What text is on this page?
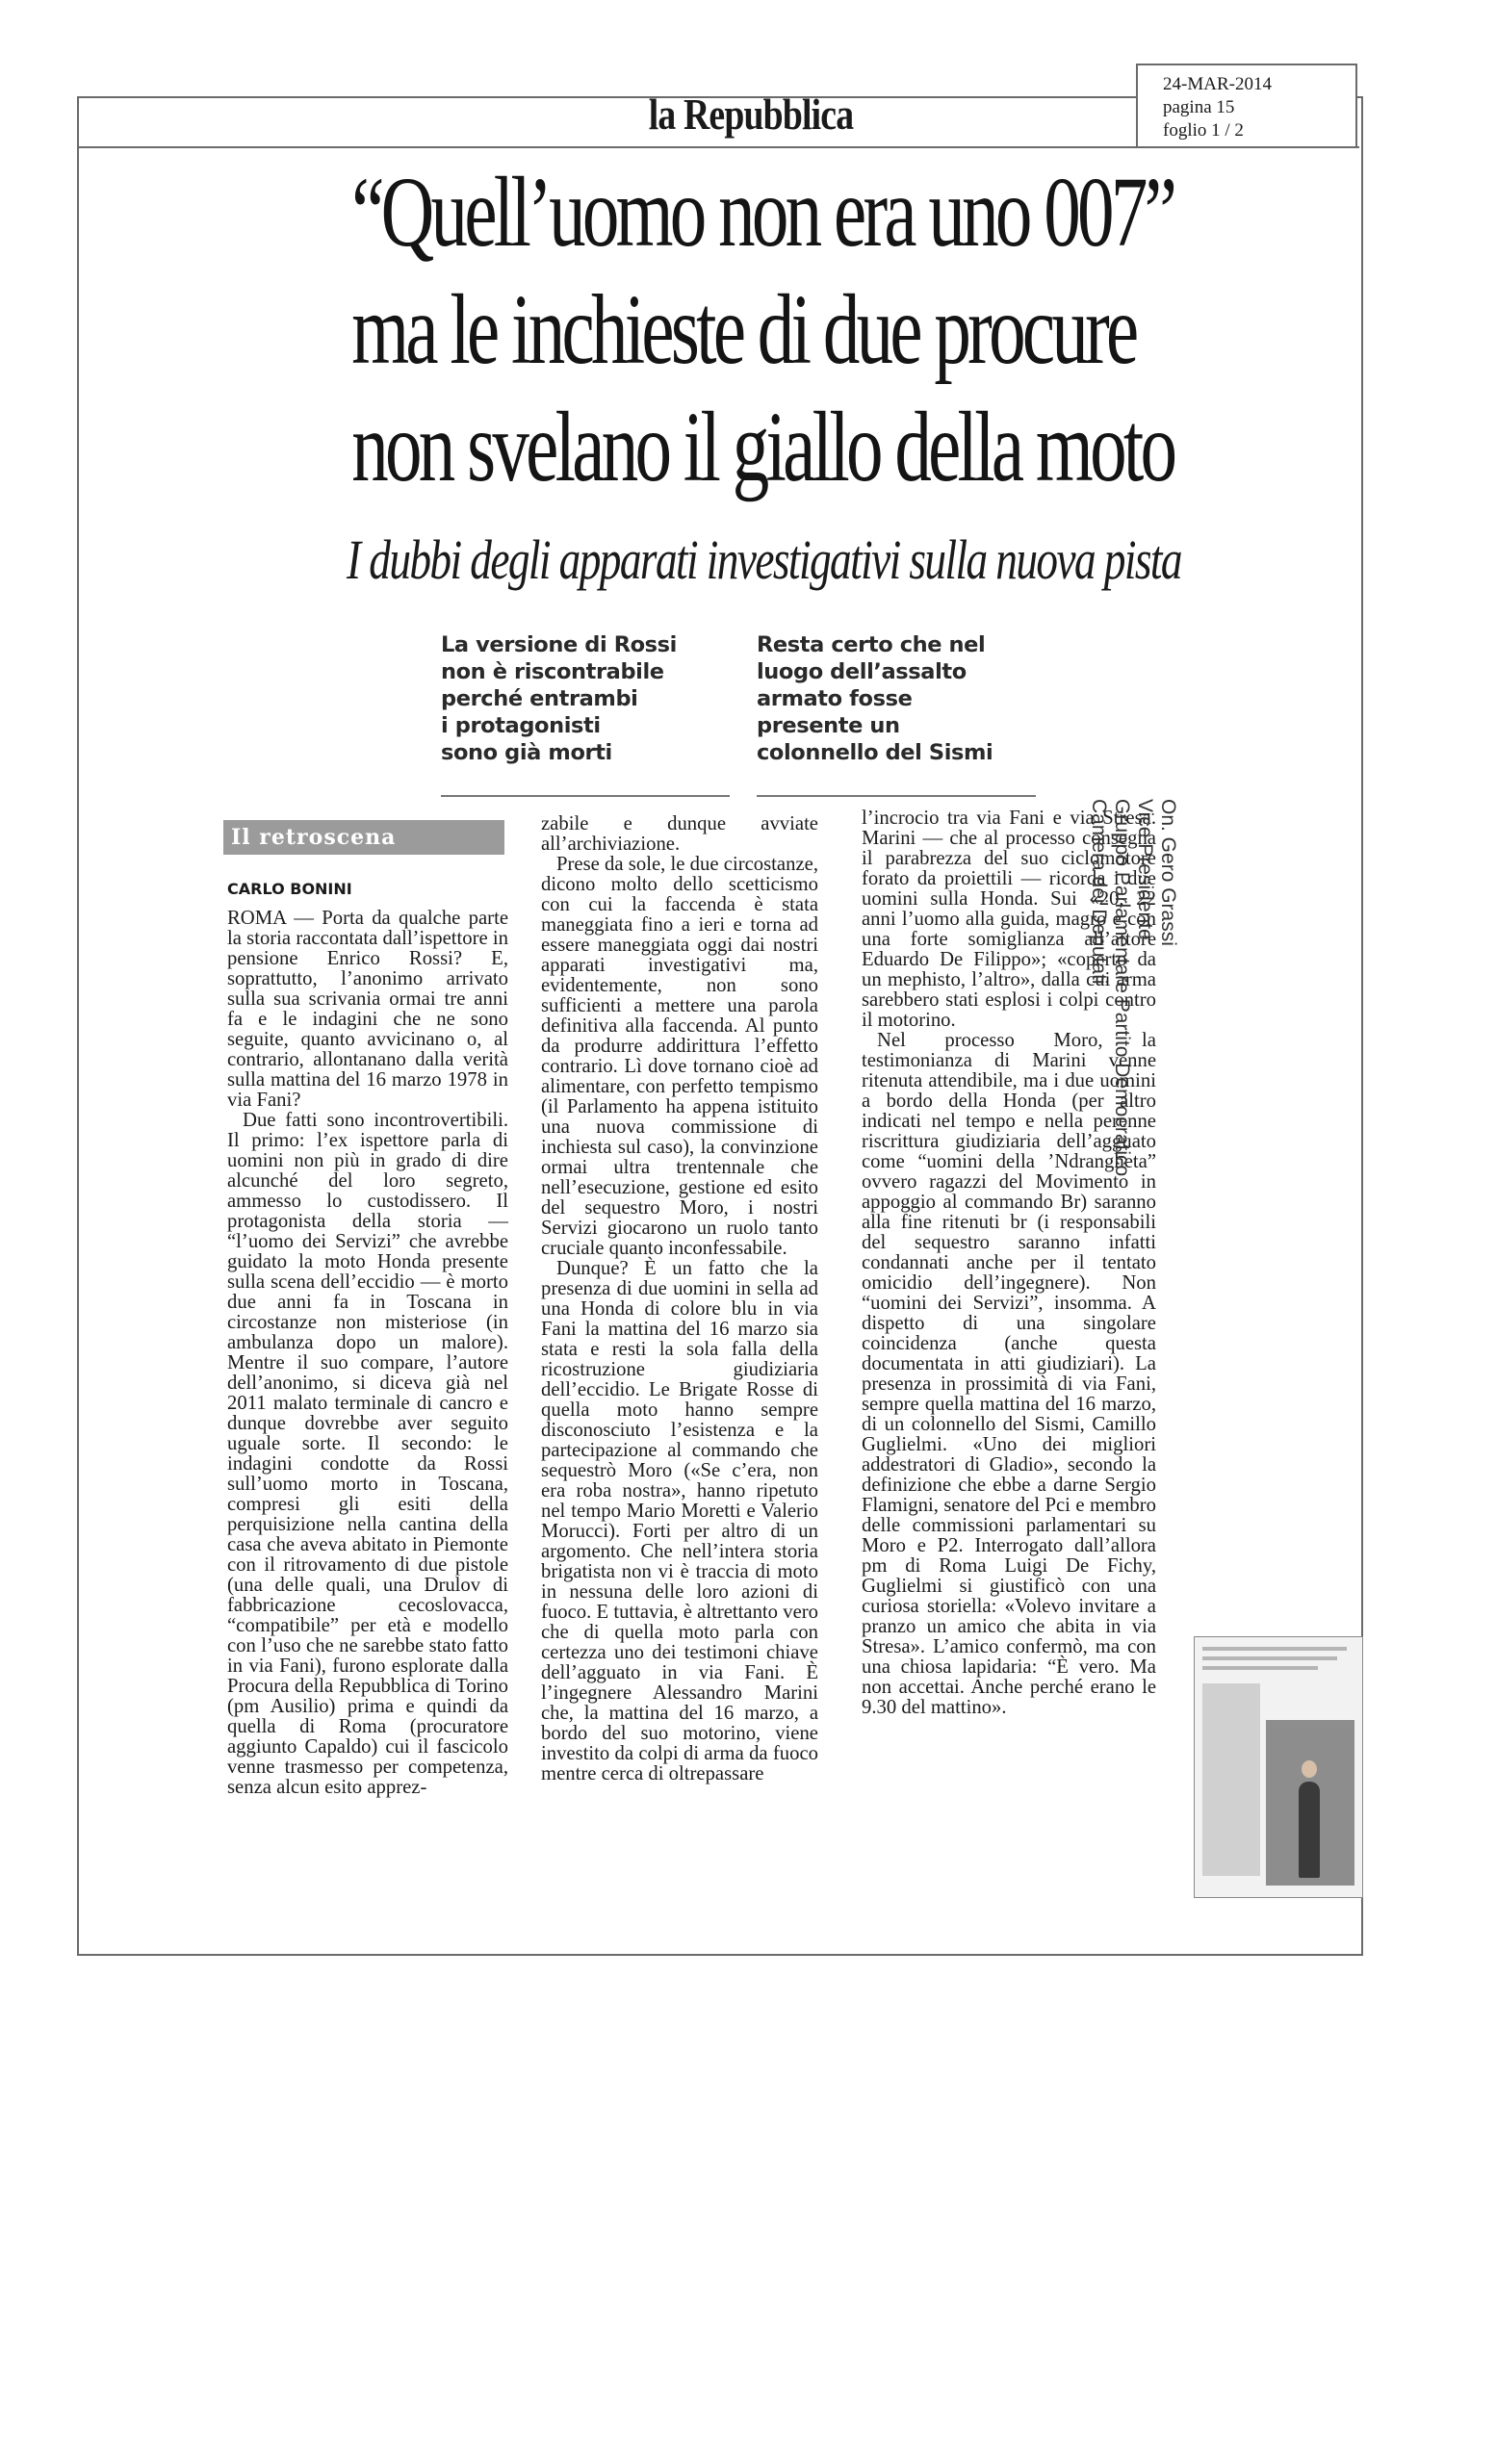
la Repubblica
24-MAR-2014
pagina 15
foglio 1 / 2
“Quell’uomo non era uno 007”
ma le inchieste di due procure
non svelano il giallo della moto
I dubbi degli apparati investigativi sulla nuova pista
La versione di Rossi
non è riscontrabile
perché entrambi
i protagonisti
sono già morti
Resta certo che nel
luogo dell’assalto
armato fosse
presente un
colonnello del Sismi
Il retroscena
CARLO BONINI

ROMA — Porta da qualche parte la storia raccontata dall’ispettore in pensione Enrico Rossi? E, soprattutto, l’anonimo arrivato sulla sua scrivania ormai tre anni fa e le indagini che ne sono seguite, quanto avvicinano o, al contrario, allontanano dalla verità sulla mattina del 16 marzo 1978 in via Fani?

Due fatti sono incontrovertibili. Il primo: l’ex ispettore parla di uomini non più in grado di dire alcunché del loro segreto, ammesso lo custodissero. Il protagonista della storia — “l’uomo dei Servizi” che avrebbe guidato la moto Honda presente sulla scena dell’eccidio — è morto due anni fa in Toscana in circostanze non misteriose (in ambulanza dopo un malore). Mentre il suo compare, l’autore dell’anonimo, si diceva già nel 2011 malato terminale di cancro e dunque dovrebbe aver seguito uguale sorte. Il secondo: le indagini condotte da Rossi sull’uomo morto in Toscana, compresi gli esiti della perquisizione nella cantina della casa che aveva abitato in Piemonte con il ritrovamento di due pistole (una delle quali, una Drulov di fabbricazione cecoslovacca, “compatibile” per età e modello con l’uso che ne sarebbe stato fatto in via Fani), furono esplorate dalla Procura della Repubblica di Torino (pm Ausilio) prima e quindi da quella di Roma (procuratore aggiunto Capaldo) cui il fascicolo venne trasmesso per competenza, senza alcun esito apprez-

zabile e dunque avviate all’archiviazione.

Prese da sole, le due circostanze, dicono molto dello scetticismo con cui la faccenda è stata maneggiata fino a ieri e torna ad essere maneggiata oggi dai nostri apparati investigativi ma, evidentemente, non sono sufficienti a mettere una parola definitiva alla faccenda. Al punto da produrre addirittura l’effetto contrario. Lì dove tornano cioè ad alimentare, con perfetto tempismo (il Parlamento ha appena istituito una nuova commissione di inchiesta sul caso), la convinzione ormai ultra trentennale che nell’esecuzione, gestione ed esito del sequestro Moro, i nostri Servizi giocarono un ruolo tanto cruciale quanto inconfessabile.

Dunque? È un fatto che la presenza di due uomini in sella ad una Honda di colore blu in via Fani la mattina del 16 marzo sia stata e resti la sola falla della ricostruzione giudiziaria dell’eccidio. Le Brigate Rosse di quella moto hanno sempre disconosciuto l’esistenza e la partecipazione al commando che sequestrò Moro («Se c’era, non era roba nostra», hanno ripetuto nel tempo Mario Moretti e Valerio Morucci). Forti per altro di un argomento. Che nell’intera storia brigatista non vi è traccia di moto in nessuna delle loro azioni di fuoco. E tuttavia, è altrettanto vero che di quella moto parla con certezza uno dei testimoni chiave dell’agguato in via Fani. È l’ingegnere Alessandro Marini che, la mattina del 16 marzo, a bordo del suo motorino, viene investito da colpi di arma da fuoco mentre cerca di oltrepassare

l’incrocio tra via Fani e via Stresa. Marini — che al processo consegna il parabrezza del suo ciclomotore forato da proiettili — ricorda i due uomini sulla Honda. Sui «20, 22 anni l’uomo alla guida, magro e con una forte somiglianza all’attore Eduardo De Filippo»; «coperto da un mephisto, l’altro», dalla cui arma sarebbero stati esplosi i colpi contro il motorino.

Nel processo Moro, la testimonianza di Marini venne ritenuta attendibile, ma i due uomini a bordo della Honda (per altro indicati nel tempo e nella perenne riscrittura giudiziaria dell’agguato come “uomini della ’Ndrangheta” ovvero ragazzi del Movimento in appoggio al commando Br) saranno alla fine ritenuti br (i responsabili del sequestro saranno infatti condannati anche per il tentato omicidio dell’ingegnere). Non “uomini dei Servizi”, insomma. A dispetto di una singolare coincidenza (anche questa documentata in atti giudiziari). La presenza in prossimità di via Fani, sempre quella mattina del 16 marzo, di un colonnello del Sismi, Camillo Guglielmi. «Uno dei migliori addestratori di Gladio», secondo la definizione che ebbe a darne Sergio Flamigni, senatore del Pci e membro delle commissioni parlamentari su Moro e P2. Interrogato dall’allora pm di Roma Luigi De Fichy, Guglielmi si giustificò con una curiosa storiella: «Volevo invitare a pranzo un amico che abita in via Stresa». L’amico confermò, ma con una chiosa lapidaria: “È vero. Ma non accettai. Anche perché erano le 9.30 del mattino».

On. Gero Grassi
Vice Presidente
Gruppo Parlamentare Partito Democratico
Camera dei Deputati
